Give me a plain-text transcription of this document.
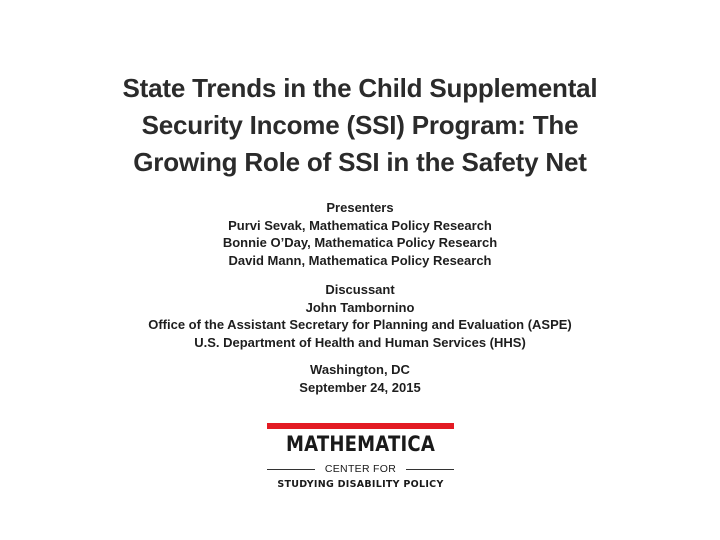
State Trends in the Child Supplemental
Security Income (SSI) Program: The
Growing Role of SSI in the Safety Net
Presenters
Purvi Sevak, Mathematica Policy Research
Bonnie O’Day, Mathematica Policy Research
David Mann, Mathematica Policy Research
Discussant
John Tambornino
Office of the Assistant Secretary for Planning and Evaluation (ASPE)
U.S. Department of Health and Human Services (HHS)
Washington, DC
September 24, 2015
MATHEMATICA
CENTER FOR
STUDYING DISABILITY POLICY
